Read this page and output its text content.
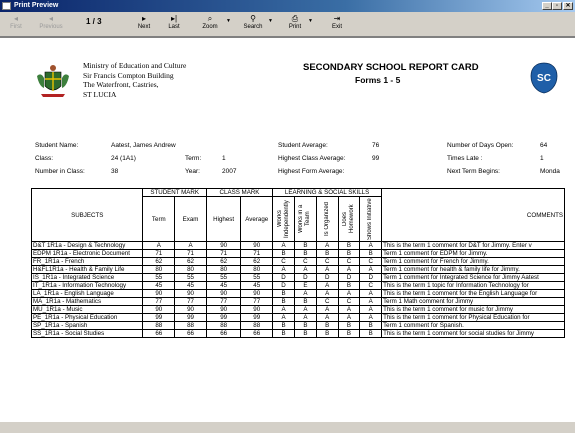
Print Preview	_	▫	✕
◂
First
◂
Previous
1 / 3	▸
Next
▸|
Last
⌕
Zoom
▼	⚲
Search
▼	⎙
Print
▼	⇥
Exit
Ministry of Education and Culture
Sir Francis Compton Building
The Waterfront, Castries,
ST LUCIA
SECONDARY SCHOOL REPORT CARD
Forms 1 - 5	SC
Student Name:	Aatest, James Andrew
Class:	24 (1A1)	Term:	1
Number in Class:	38	Year:	2007
Student Average:	76
Highest Class Average:	99
Highest Form Average:
Number of Days Open:	64
Times Late :	1
Next Term Begins:	Monda
SUBJECTS	STUDENT MARK		CLASS MARK		LEARNING & SOCIAL SKILLS					COMMENTS
	Term	Exam	Highest	Average	Works Independently	Works in a Team	Is Organized	Does Homework	Shows Initiative	

D&T 1R1a - Design & Technology	A	A	90	90	A	B	A	B	A	This is the term 1 comment for D&T for Jimmy. Enter v
EDPM 1R1a - Electronic Document	71	71	71	71	B	B	B	B	B	Term 1 comment for EDPM for Jimmy.
FR_1R1a - French	62	62	62	62	C	C	C	C	C	Term 1 comment for French for Jimmy.
H&FL1R1a - Health & Family Life	80	80	80	80	A	A	A	A	A	Term 1 comment for health & family life for Jimmy.
IS_1R1a - Integrated Science	55	55	55	55	D	D	D	D	D	Term 1 comment for Integrated Science for Jimmy Aatest
IT_1R1a - Information Technology	45	45	45	45	D	E	A	B	C	This is the term 1 topic for Information Technology for
LA_1R1a - English Language	90	90	90	90	B	A	A	A	A	This is the term 1 comment for the English Language for
MA_1R1a - Mathematics	77	77	77	77	B	B	C	C	A	Term 1 Math comment for Jimmy
MU_1R1a - Music	90	90	90	90	A	A	A	A	A	This is the term 1 comment for music for Jimmy
PE_1R1a - Physical Education	99	99	99	99	A	A	A	A	A	This is the term 1 comment for Physical Education for
SP_1R1a - Spanish	88	88	88	88	B	B	B	B	B	Term 1 comment for Spanish.
SS_1R1a - Social Studies	66	66	66	66	B	B	B	B	B	This is the term 1 comment for social studies for Jimmy
